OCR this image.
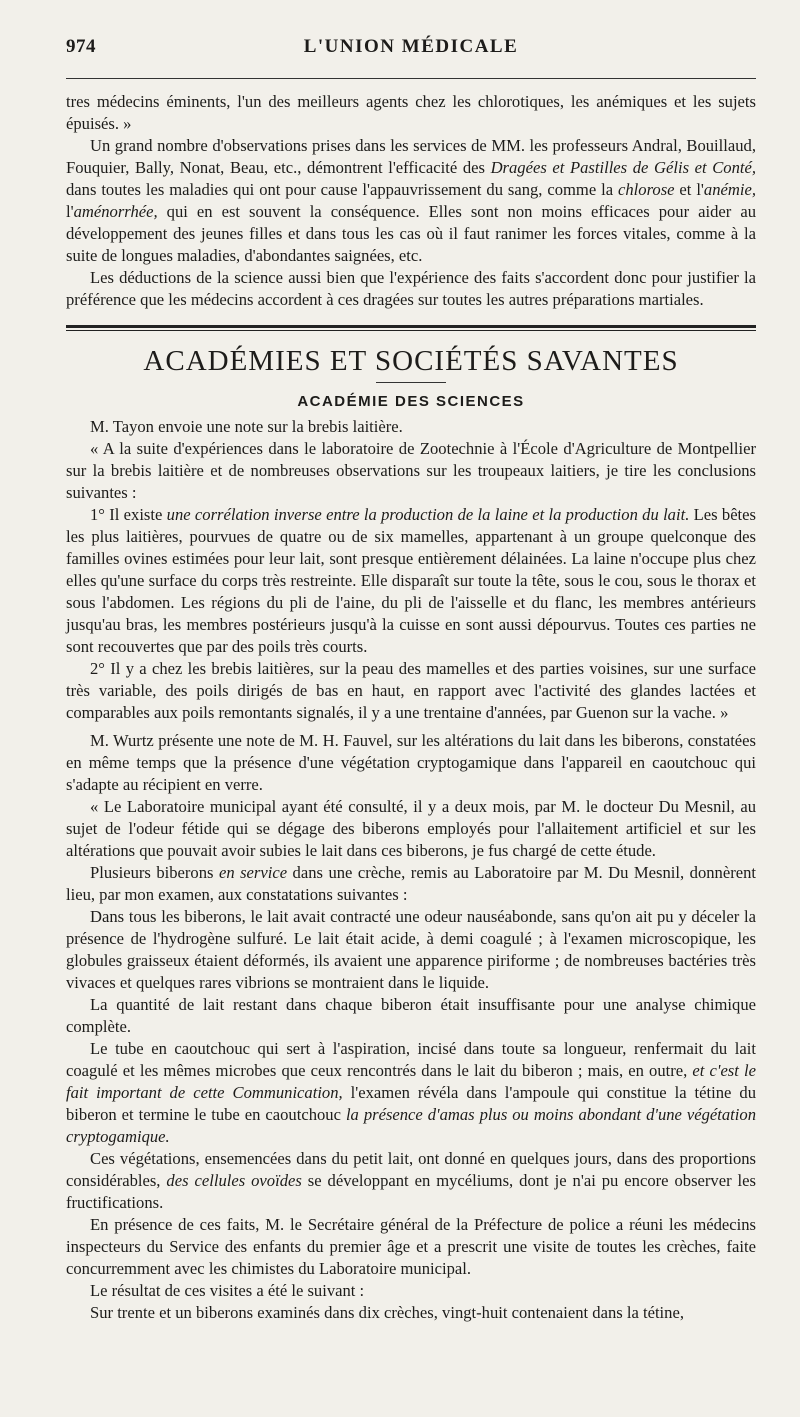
974	L'UNION MÉDICALE

tres médecins éminents, l'un des meilleurs agents chez les chlorotiques, les anémiques et les sujets épuisés. »

Un grand nombre d'observations prises dans les services de MM. les professeurs Andral, Bouillaud, Fouquier, Bally, Nonat, Beau, etc., démontrent l'efficacité des Dragées et Pastilles de Gélis et Conté, dans toutes les maladies qui ont pour cause l'appauvrissement du sang, comme la chlorose et l'anémie, l'aménorrhée, qui en est souvent la conséquence. Elles sont non moins efficaces pour aider au développement des jeunes filles et dans tous les cas où il faut ranimer les forces vitales, comme à la suite de longues maladies, d'abondantes saignées, etc.

Les déductions de la science aussi bien que l'expérience des faits s'accordent donc pour justifier la préférence que les médecins accordent à ces dragées sur toutes les autres préparations martiales.

ACADÉMIES ET SOCIÉTÉS SAVANTES
ACADÉMIE DES SCIENCES

M. Tayon envoie une note sur la brebis laitière.

« A la suite d'expériences dans le laboratoire de Zootechnie à l'École d'Agriculture de Montpellier sur la brebis laitière et de nombreuses observations sur les troupeaux laitiers, je tire les conclusions suivantes :

1° Il existe une corrélation inverse entre la production de la laine et la production du lait. Les bêtes les plus laitières, pourvues de quatre ou de six mamelles, appartenant à un groupe quelconque des familles ovines estimées pour leur lait, sont presque entièrement délainées. La laine n'occupe plus chez elles qu'une surface du corps très restreinte. Elle disparaît sur toute la tête, sous le cou, sous le thorax et sous l'abdomen. Les régions du pli de l'aine, du pli de l'aisselle et du flanc, les membres antérieurs jusqu'au bras, les membres postérieurs jusqu'à la cuisse en sont aussi dépourvus. Toutes ces parties ne sont recouvertes que par des poils très courts.

2° Il y a chez les brebis laitières, sur la peau des mamelles et des parties voisines, sur une surface très variable, des poils dirigés de bas en haut, en rapport avec l'activité des glandes lactées et comparables aux poils remontants signalés, il y a une trentaine d'années, par Guenon sur la vache. »

M. Wurtz présente une note de M. H. Fauvel, sur les altérations du lait dans les biberons, constatées en même temps que la présence d'une végétation cryptogamique dans l'appareil en caoutchouc qui s'adapte au récipient en verre.

« Le Laboratoire municipal ayant été consulté, il y a deux mois, par M. le docteur Du Mesnil, au sujet de l'odeur fétide qui se dégage des biberons employés pour l'allaitement artificiel et sur les altérations que pouvait avoir subies le lait dans ces biberons, je fus chargé de cette étude.

Plusieurs biberons en service dans une crèche, remis au Laboratoire par M. Du Mesnil, donnèrent lieu, par mon examen, aux constatations suivantes :

Dans tous les biberons, le lait avait contracté une odeur nauséabonde, sans qu'on ait pu y déceler la présence de l'hydrogène sulfuré. Le lait était acide, à demi coagulé ; à l'examen microscopique, les globules graisseux étaient déformés, ils avaient une apparence piriforme ; de nombreuses bactéries très vivaces et quelques rares vibrions se montraient dans le liquide.

La quantité de lait restant dans chaque biberon était insuffisante pour une analyse chimique complète.

Le tube en caoutchouc qui sert à l'aspiration, incisé dans toute sa longueur, renfermait du lait coagulé et les mêmes microbes que ceux rencontrés dans le lait du biberon ; mais, en outre, et c'est le fait important de cette Communication, l'examen révéla dans l'ampoule qui constitue la tétine du biberon et termine le tube en caoutchouc la présence d'amas plus ou moins abondant d'une végétation cryptogamique.

Ces végétations, ensemencées dans du petit lait, ont donné en quelques jours, dans des proportions considérables, des cellules ovoïdes se développant en mycéliums, dont je n'ai pu encore observer les fructifications.

En présence de ces faits, M. le Secrétaire général de la Préfecture de police a réuni les médecins inspecteurs du Service des enfants du premier âge et a prescrit une visite de toutes les crèches, faite concurremment avec les chimistes du Laboratoire municipal.

Le résultat de ces visites a été le suivant :

Sur trente et un biberons examinés dans dix crèches, vingt-huit contenaient dans la tétine,
